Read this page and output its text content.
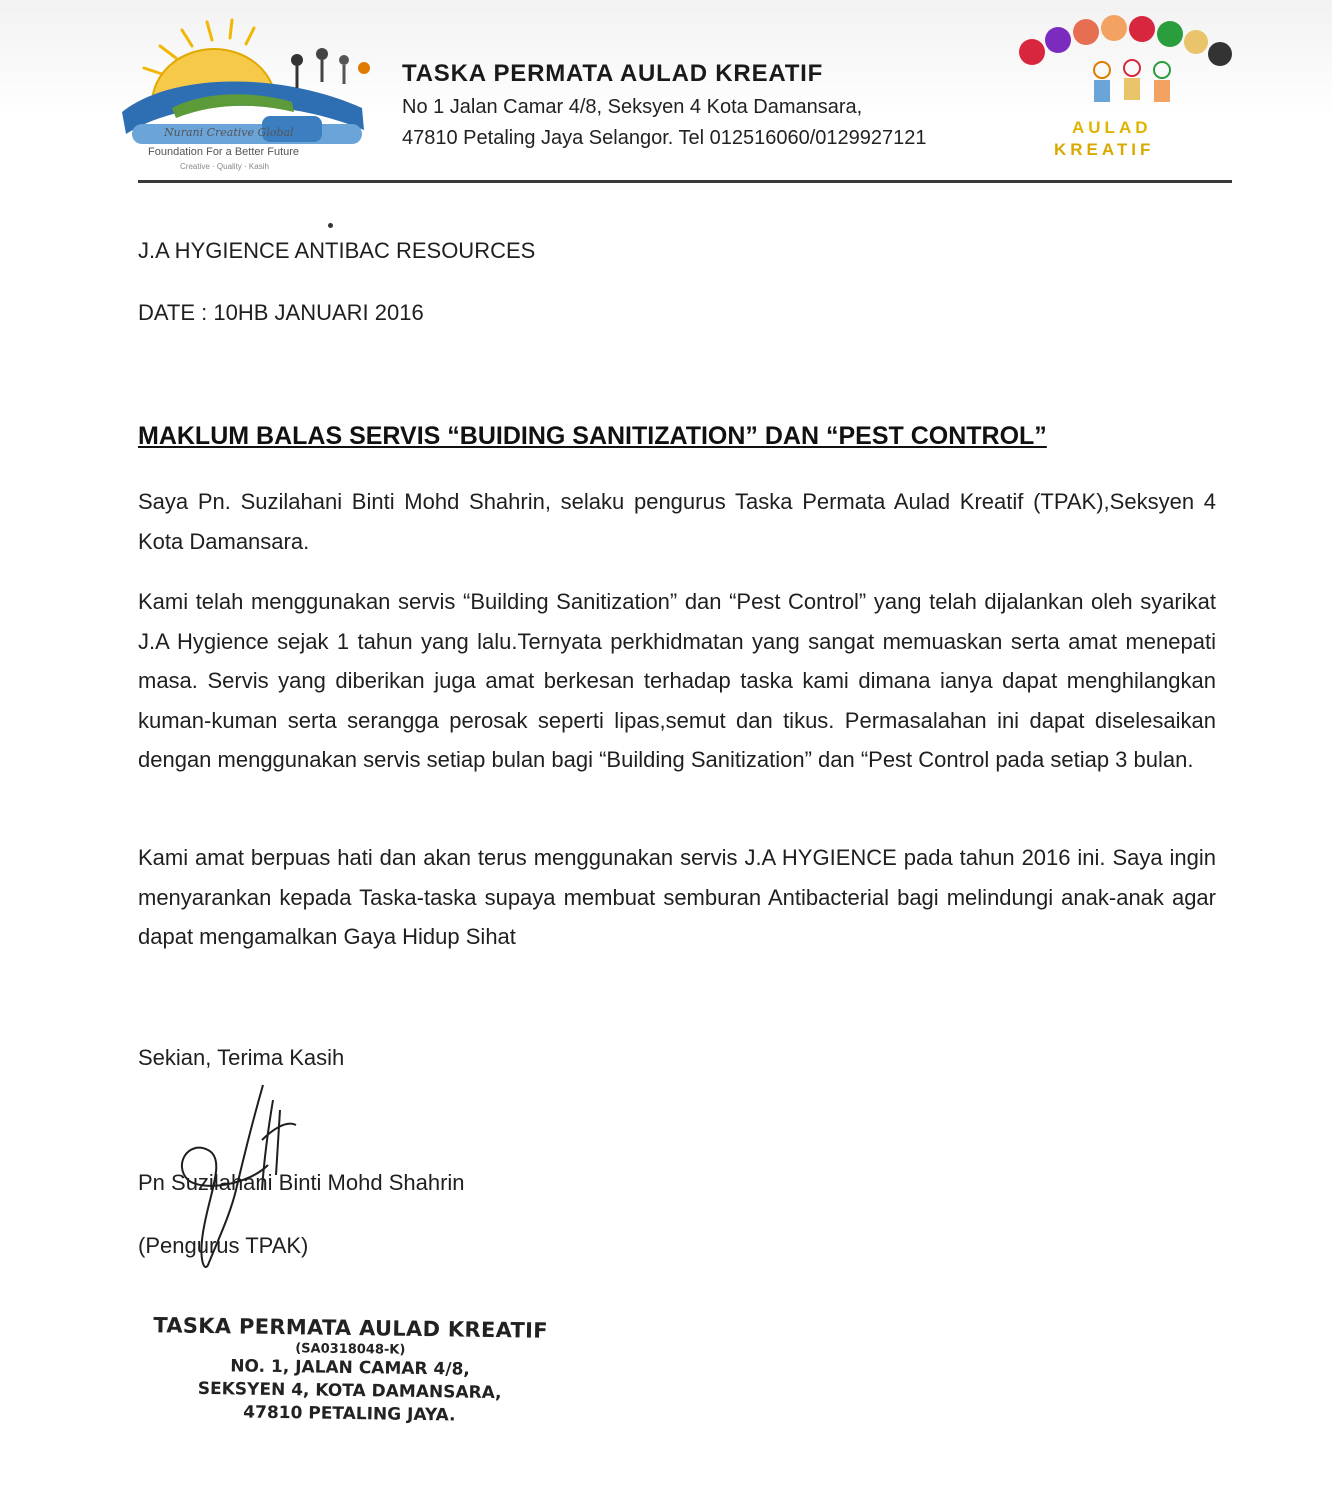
Nurani Creative Global
Foundation For a Better Future
Creative · Quality · Kasih
TASKA PERMATA AULAD KREATIF
No 1 Jalan Camar 4/8, Seksyen 4 Kota Damansara,
47810 Petaling Jaya Selangor. Tel 012516060/0129927121	AULAD
KREATIF
J.A HYGIENCE ANTIBAC RESOURCES
DATE : 10HB JANUARI 2016
MAKLUM BALAS SERVIS “BUIDING SANITIZATION” DAN “PEST CONTROL”
Saya Pn. Suzilahani Binti Mohd Shahrin, selaku pengurus Taska Permata Aulad Kreatif (TPAK),Seksyen 4 Kota Damansara.
Kami telah menggunakan servis “Building Sanitization” dan “Pest Control” yang telah dijalankan oleh syarikat J.A Hygience sejak 1 tahun yang lalu.Ternyata perkhidmatan yang sangat memuaskan serta amat menepati masa. Servis yang diberikan juga amat berkesan terhadap taska kami dimana ianya dapat menghilangkan kuman-kuman serta serangga perosak seperti lipas,semut dan tikus. Permasalahan ini dapat diselesaikan dengan menggunakan servis setiap bulan bagi “Building Sanitization” dan “Pest Control pada setiap 3 bulan.
Kami amat berpuas hati dan akan terus menggunakan servis J.A HYGIENCE pada tahun 2016 ini. Saya ingin menyarankan kepada Taska-taska supaya membuat semburan Antibacterial bagi melindungi anak-anak agar dapat mengamalkan Gaya Hidup Sihat
Sekian, Terima Kasih
Pn Suzilahani Binti Mohd Shahrin
(Pengurus TPAK)
TASKA PERMATA AULAD KREATIF
(SA0318048-K)
NO. 1, JALAN CAMAR 4/8,
SEKSYEN 4, KOTA DAMANSARA,
47810 PETALING JAYA.
